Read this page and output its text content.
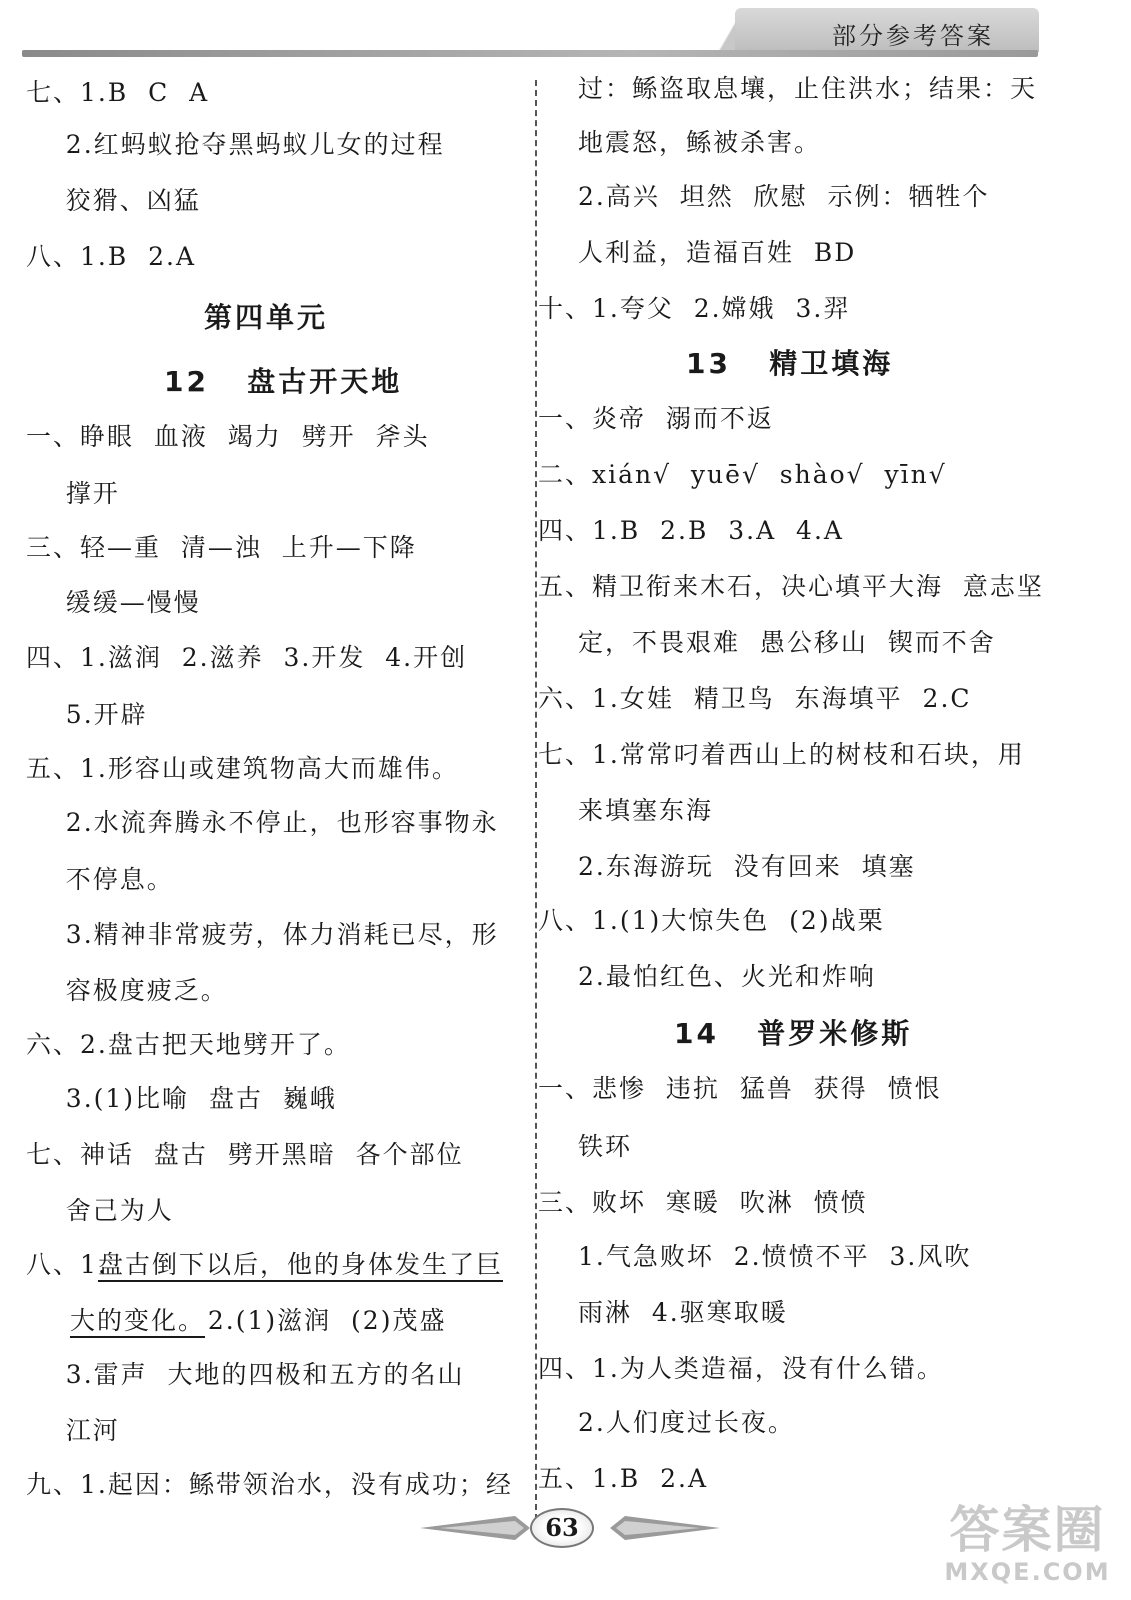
部分参考答案
七、1.B  C  A
2.红蚂蚁抢夺黑蚂蚁儿女的过程
狡猾、凶猛
八、1.B  2.A
第四单元
12   盘古开天地
一、睁眼  血液  竭力  劈开  斧头
撑开
三、轻—重  清—浊  上升—下降
缓缓—慢慢
四、1.滋润  2.滋养  3.开发  4.开创
5.开辟
五、1.形容山或建筑物高大而雄伟。
2.水流奔腾永不停止，也形容事物永
不停息。
3.精神非常疲劳，体力消耗已尽，形
容极度疲乏。
六、2.盘古把天地劈开了。
3.(1)比喻  盘古  巍峨
七、神话  盘古  劈开黑暗  各个部位
舍己为人
八、1.
盘古倒下以后，他的身体发生了巨
大的变化。
2.(1)滋润  (2)茂盛
3.雷声  大地的四极和五方的名山
江河
九、1.起因：鲧带领治水，没有成功；经
过：鲧盗取息壤，止住洪水；结果：天
地震怒，鲧被杀害。
2.高兴  坦然  欣慰  示例：牺牲个
人利益，造福百姓  BD
十、1.夸父  2.嫦娥  3.羿
13   精卫填海
一、炎帝  溺而不返
二、xián√  yuē√  shào√  yīn√
四、1.B  2.B  3.A  4.A
五、精卫衔来木石，决心填平大海  意志坚
定，不畏艰难  愚公移山  锲而不舍
六、1.女娃  精卫鸟  东海填平  2.C
七、1.常常叼着西山上的树枝和石块，用
来填塞东海
2.东海游玩  没有回来  填塞
八、1.(1)大惊失色  (2)战栗
2.最怕红色、火光和炸响
14   普罗米修斯
一、悲惨  违抗  猛兽  获得  愤恨
铁环
三、败坏  寒暖  吹淋  愤愤
1.气急败坏  2.愤愤不平  3.风吹
雨淋  4.驱寒取暖
四、1.为人类造福，没有什么错。
2.人们度过长夜。
五、1.B  2.A
63	答案圈
MXQE.COM
